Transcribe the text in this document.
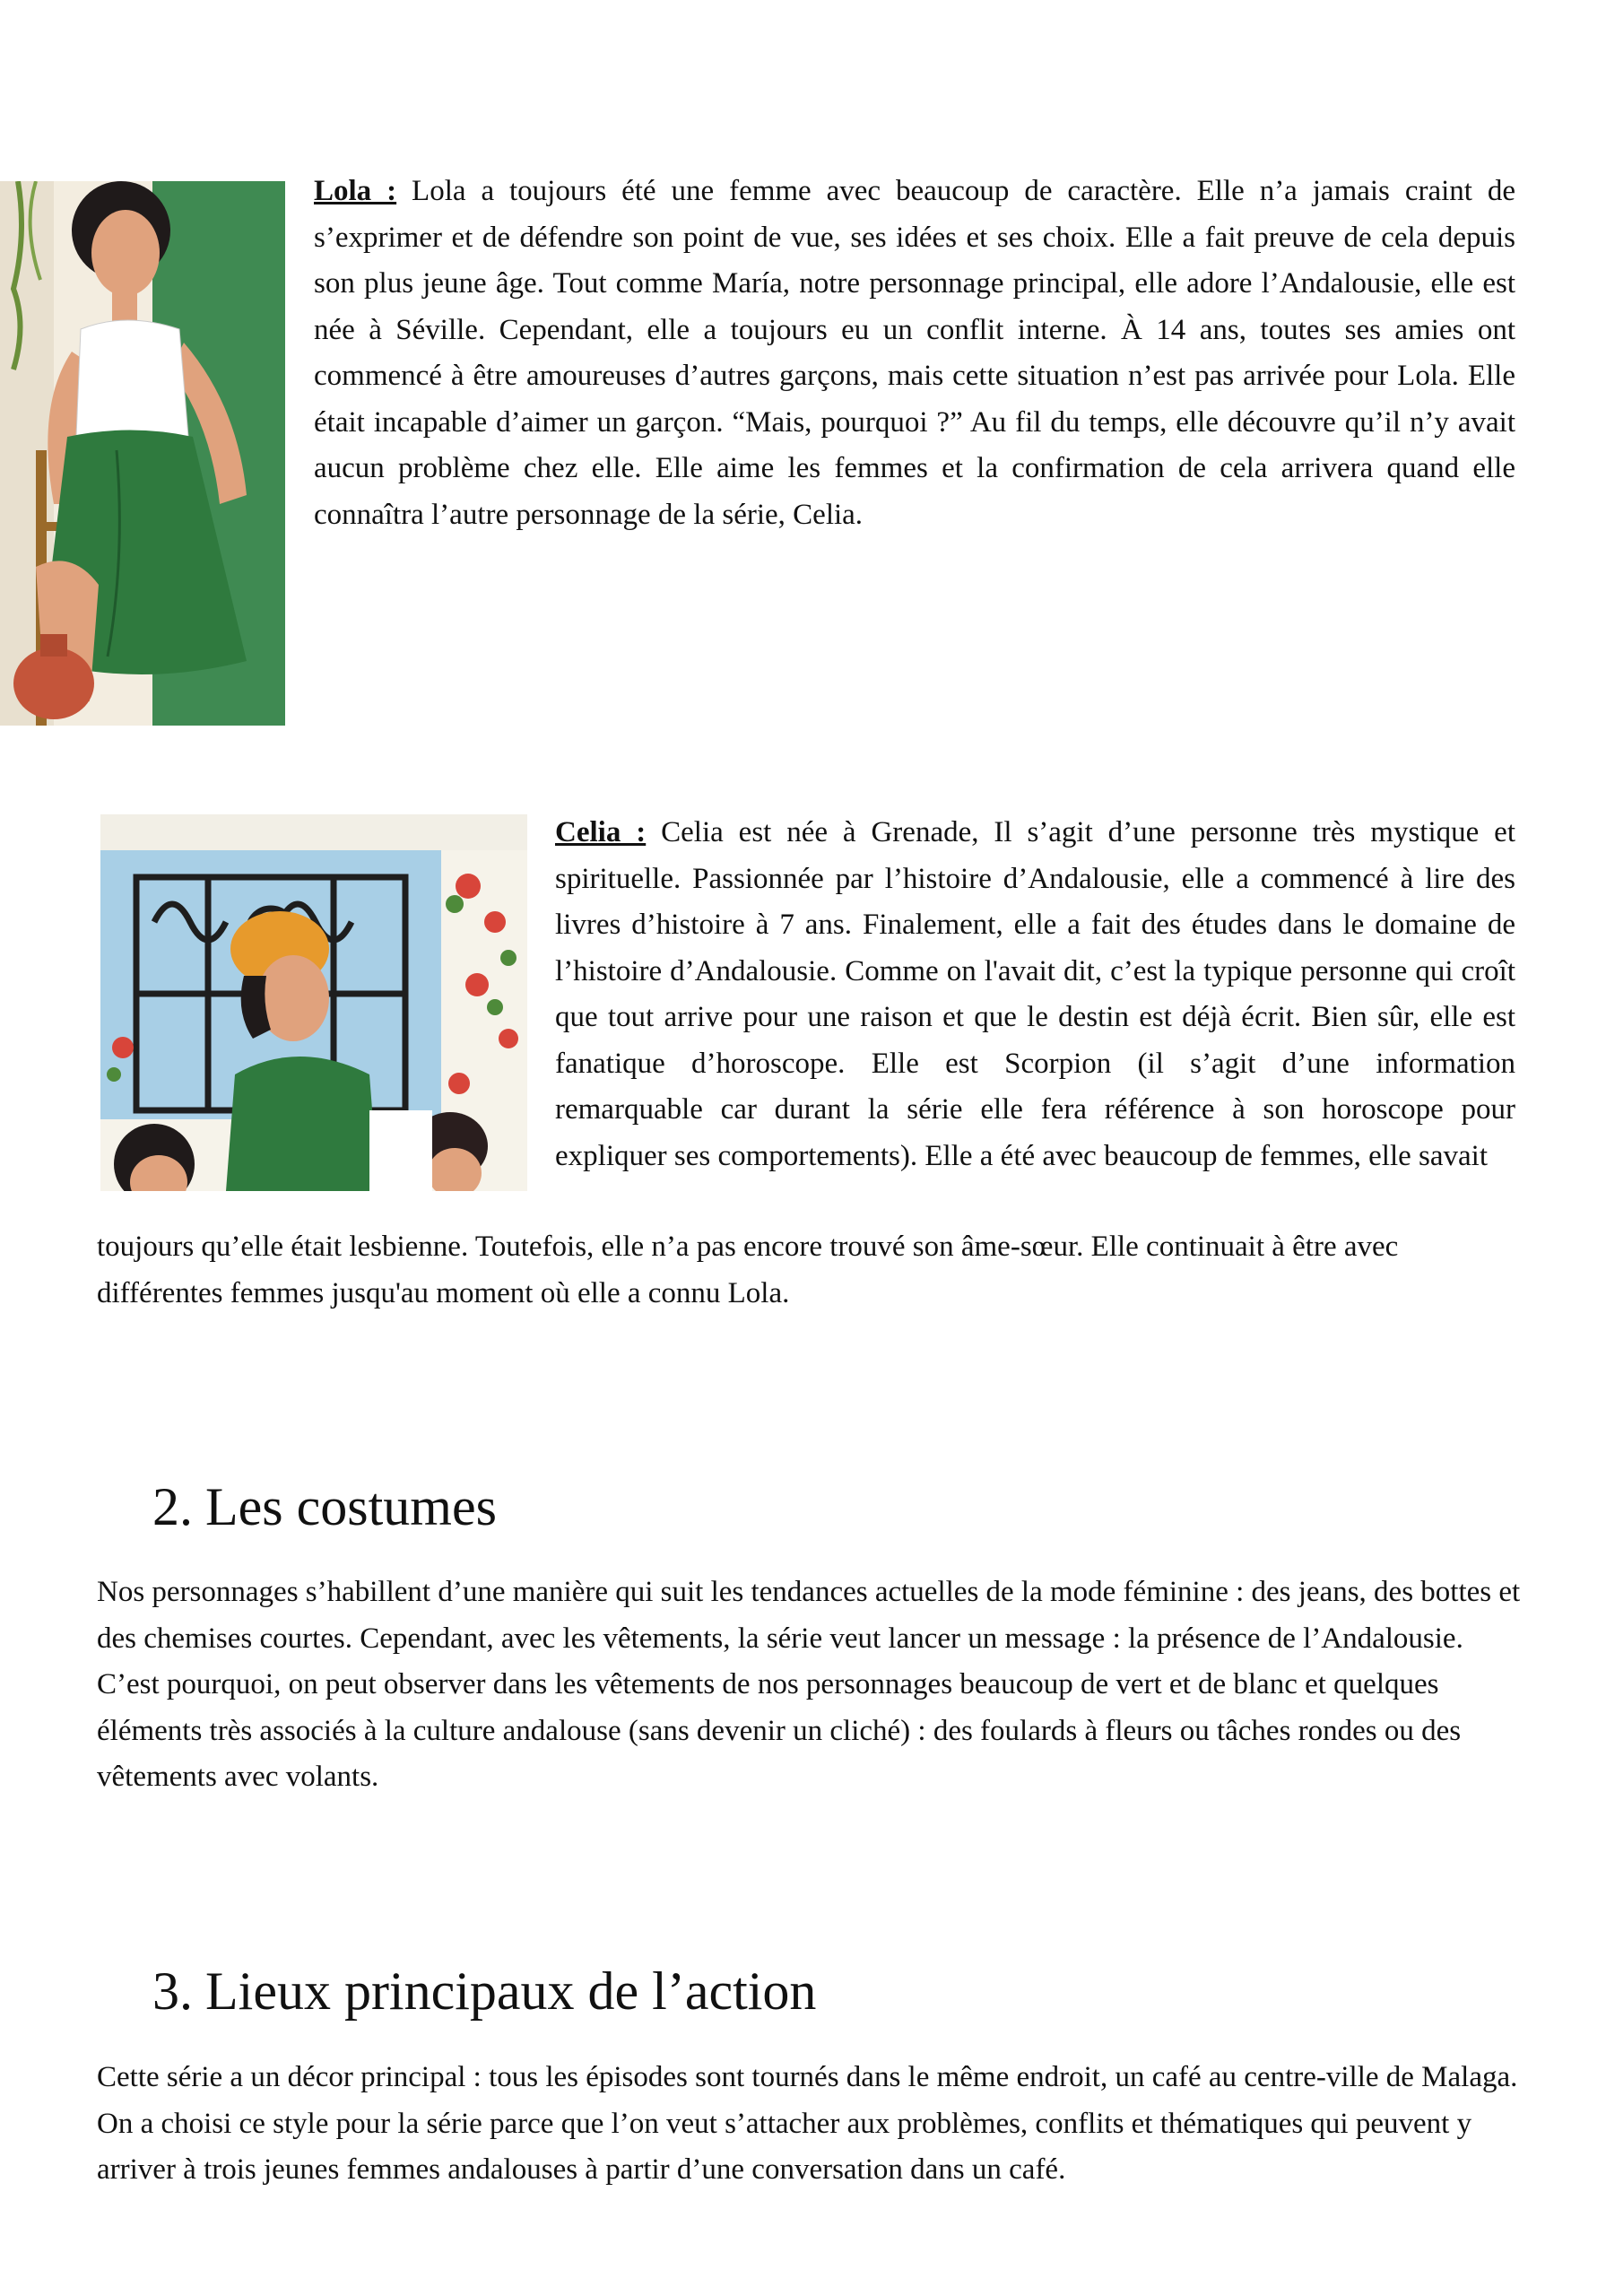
Lola : Lola a toujours été une femme avec beaucoup de caractère. Elle n’a jamais craint de s’exprimer et de défendre son point de vue, ses idées et ses choix. Elle a fait preuve de cela depuis son plus jeune âge. Tout comme María, notre personnage principal, elle adore l’Andalousie, elle est née à Séville. Cependant, elle a toujours eu un conflit interne. À 14 ans, toutes ses amies ont commencé à être amoureuses d’autres garçons, mais cette situation n’est pas arrivée pour Lola. Elle était incapable d’aimer un garçon. “Mais, pourquoi ?” Au fil du temps, elle découvre qu’il n’y avait aucun problème chez elle. Elle aime les femmes et la confirmation de cela arrivera quand elle connaîtra l’autre personnage de la série, Celia.

Celia : Celia est née à Grenade, Il s’agit d’une personne très mystique et spirituelle. Passionnée par l’histoire d’Andalousie, elle a commencé à lire des livres d’histoire à 7 ans. Finalement, elle a fait des études dans le domaine de l’histoire d’Andalousie. Comme on l'avait dit, c’est la typique personne qui croît que tout arrive pour une raison et que le destin est déjà écrit. Bien sûr, elle est fanatique d’horoscope. Elle est Scorpion (il s’agit d’une information remarquable car durant la série elle fera référence à son horoscope pour expliquer ses comportements). Elle a été avec beaucoup de femmes, elle savait

toujours qu’elle était lesbienne. Toutefois, elle n’a pas encore trouvé son âme-sœur. Elle continuait à être avec différentes femmes jusqu'au moment où elle a connu Lola.

2. Les costumes

Nos personnages s’habillent d’une manière qui suit les tendances actuelles de la mode féminine : des jeans, des bottes et des chemises courtes. Cependant, avec les vêtements, la série veut lancer un message : la présence de l’Andalousie. C’est pourquoi, on peut observer dans les vêtements de nos personnages beaucoup de vert et de blanc et quelques éléments très associés à la culture andalouse (sans devenir un cliché) : des foulards à fleurs ou tâches rondes ou des vêtements avec volants.

3. Lieux principaux de l’action

Cette série a un décor principal : tous les épisodes sont tournés dans le même endroit, un café au centre-ville de Malaga. On a choisi ce style pour la série parce que l’on veut s’attacher aux problèmes, conflits et thématiques qui peuvent y arriver à trois jeunes femmes andalouses à partir d’une conversation dans un café.
